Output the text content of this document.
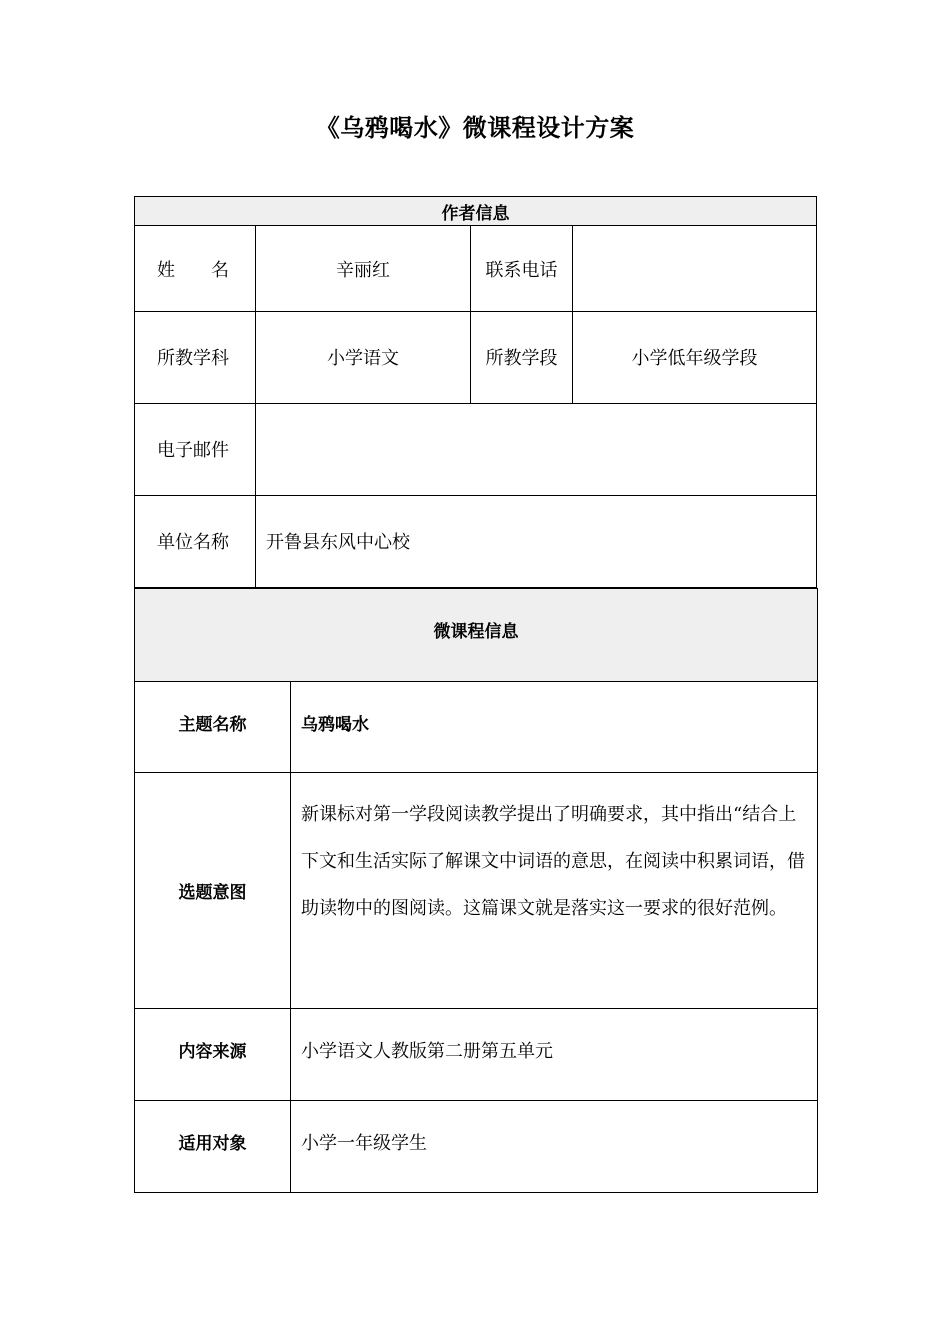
《乌鸦喝水》微课程设计方案
作者信息			
姓　　名	辛丽红	联系电话	
所教学科	小学语文	所教学段	小学低年级学段
电子邮件			
单位名称	开鲁县东风中心校		
微课程信息	
主题名称	乌鸦喝水
选题意图	新课标对第一学段阅读教学提出了明确要求，其中指出“结合上下文和生活实际了解课文中词语的意思，在阅读中积累词语，借助读物中的图阅读。这篇课文就是落实这一要求的很好范例。
内容来源	小学语文人教版第二册第五单元
适用对象	小学一年级学生
